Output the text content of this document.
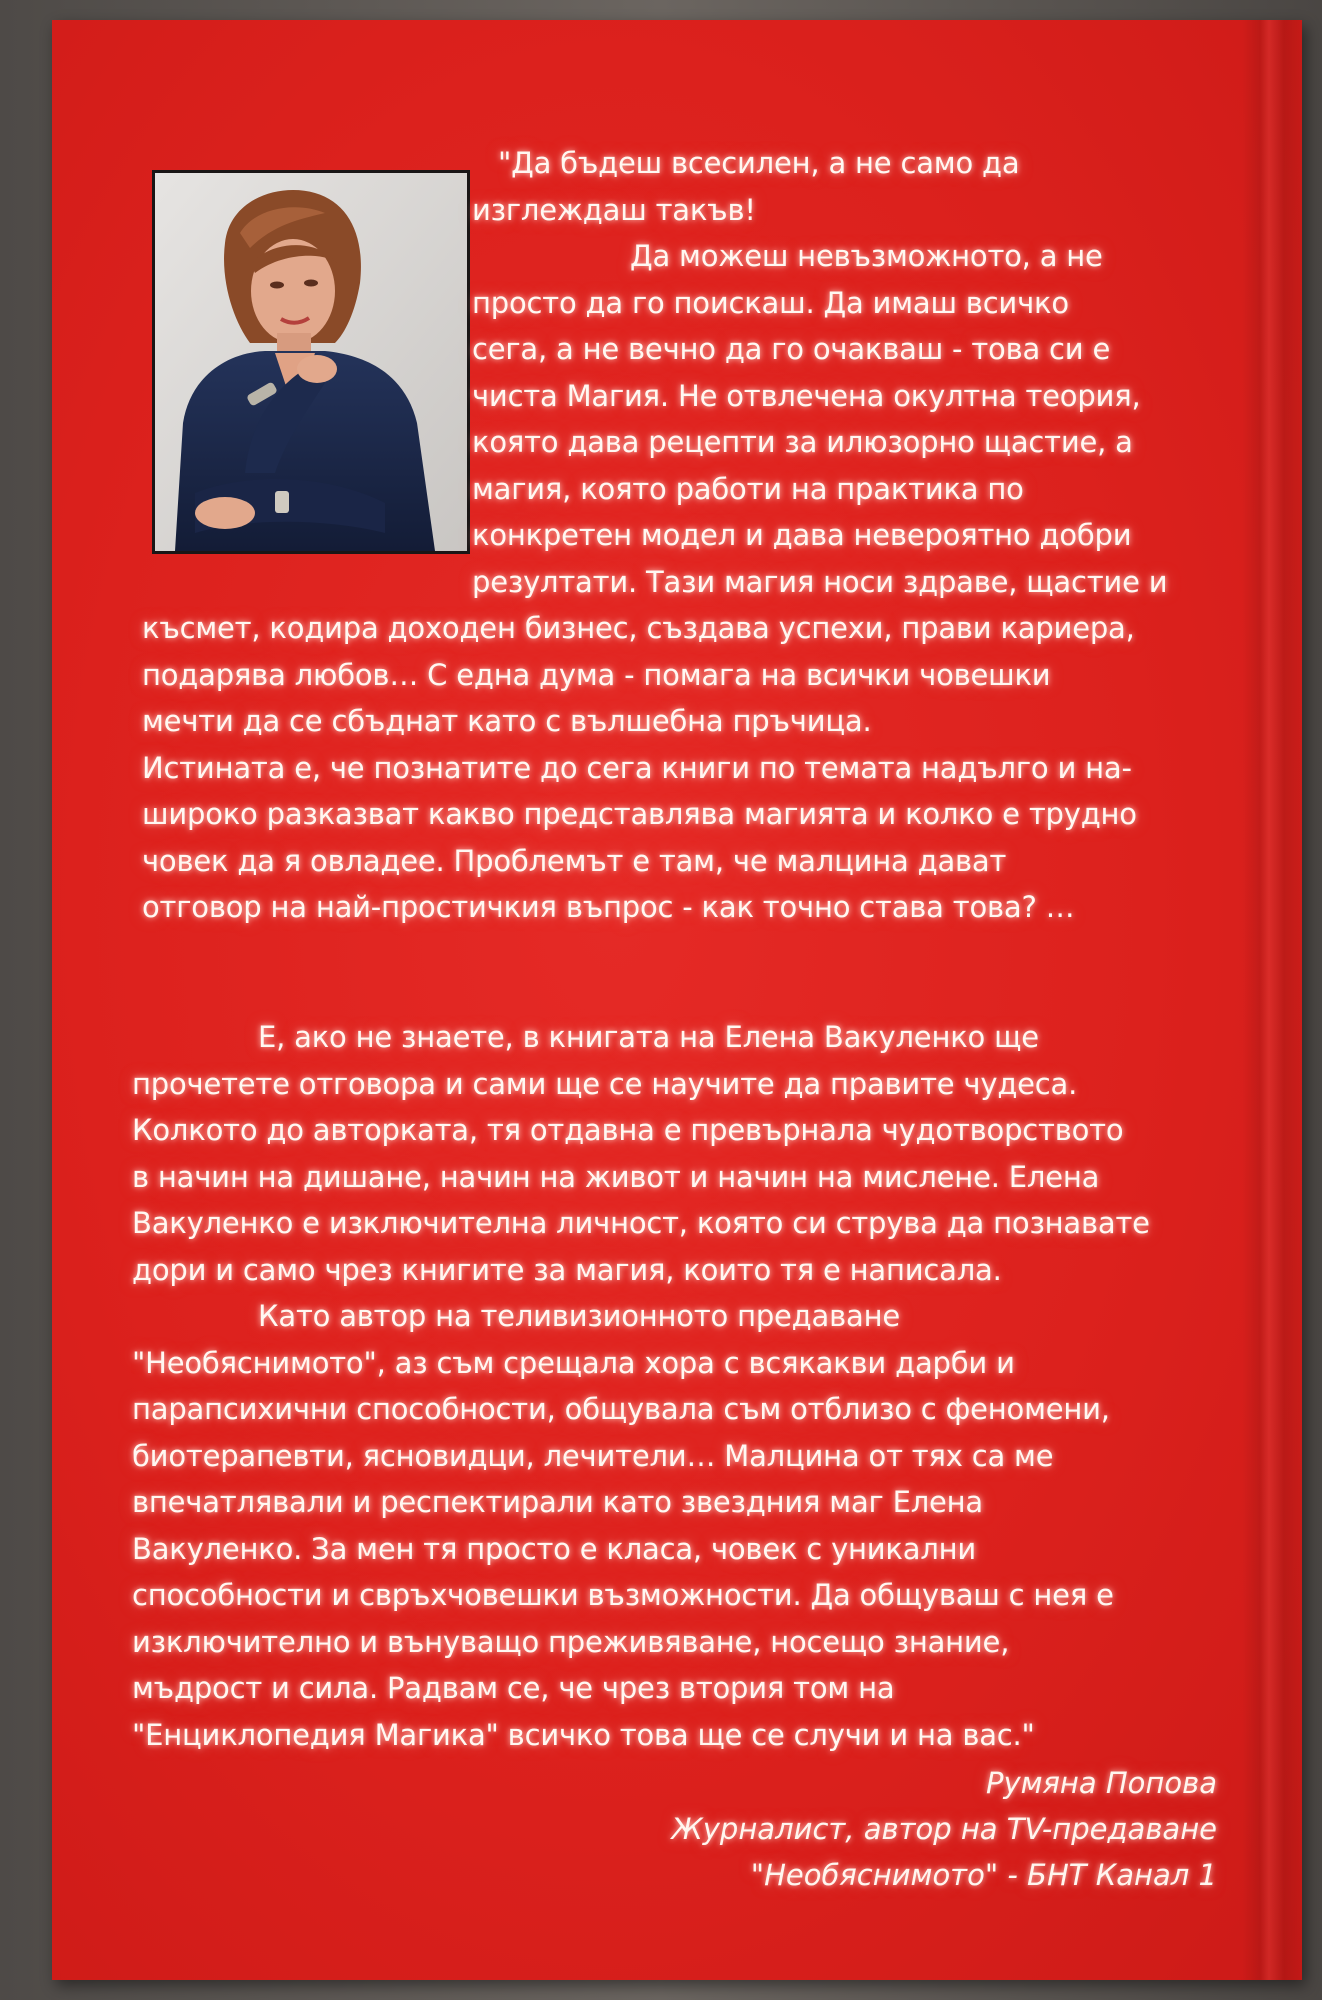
"Да бъдеш всесилен, а не само да
изглеждаш такъв!
Да можеш невъзможното, а не
просто да го поискаш. Да имаш всичко
сега, а не вечно да го очакваш - това си е
чиста Магия. Не отвлечена окултна теория,
която дава рецепти за илюзорно щастие, а
магия, която работи на практика по
конкретен модел и дава невероятно добри
резултати. Тази магия носи здраве, щастие и
късмет, кодира доходен бизнес, създава успехи, прави кариера,
подарява любов… С една дума - помага на всички човешки
мечти да се сбъднат като с вълшебна пръчица.
Истината е, че познатите до сега книги по темата надълго и на-
широко разказват какво представлява магията и колко е трудно
човек да я овладее. Проблемът е там, че малцина дават
отговор на най-простичкия въпрос - как точно става това? …
Е, ако не знаете, в книгата на Елена Вакуленко ще
прочетете отговора и сами ще се научите да правите чудеса.
Колкото до авторката, тя отдавна е превърнала чудотворството
в начин на дишане, начин на живот и начин на мислене. Елена
Вакуленко е изключителна личност, която си струва да познавате
дори и само чрез книгите за магия, които тя е написала.
Като автор на теливизионното предаване
"Необяснимото", аз съм срещала хора с всякакви дарби и
парапсихични способности, общувала съм отблизо с феномени,
биотерапевти, ясновидци, лечители… Малцина от тях са ме
впечатлявали и респектирали като звездния маг Елена
Вакуленко. За мен тя просто е класа, човек с уникални
способности и свръхчовешки възможности. Да общуваш с нея е
изключително и вънуващо преживяване, носещо знание,
мъдрост и сила. Радвам се, че чрез втория том на
"Енциклопедия Магика" всичко това ще се случи и на вас."
Румяна Попова
Журналист, автор на TV-предаване
"Необяснимото" - БНТ Канал 1
